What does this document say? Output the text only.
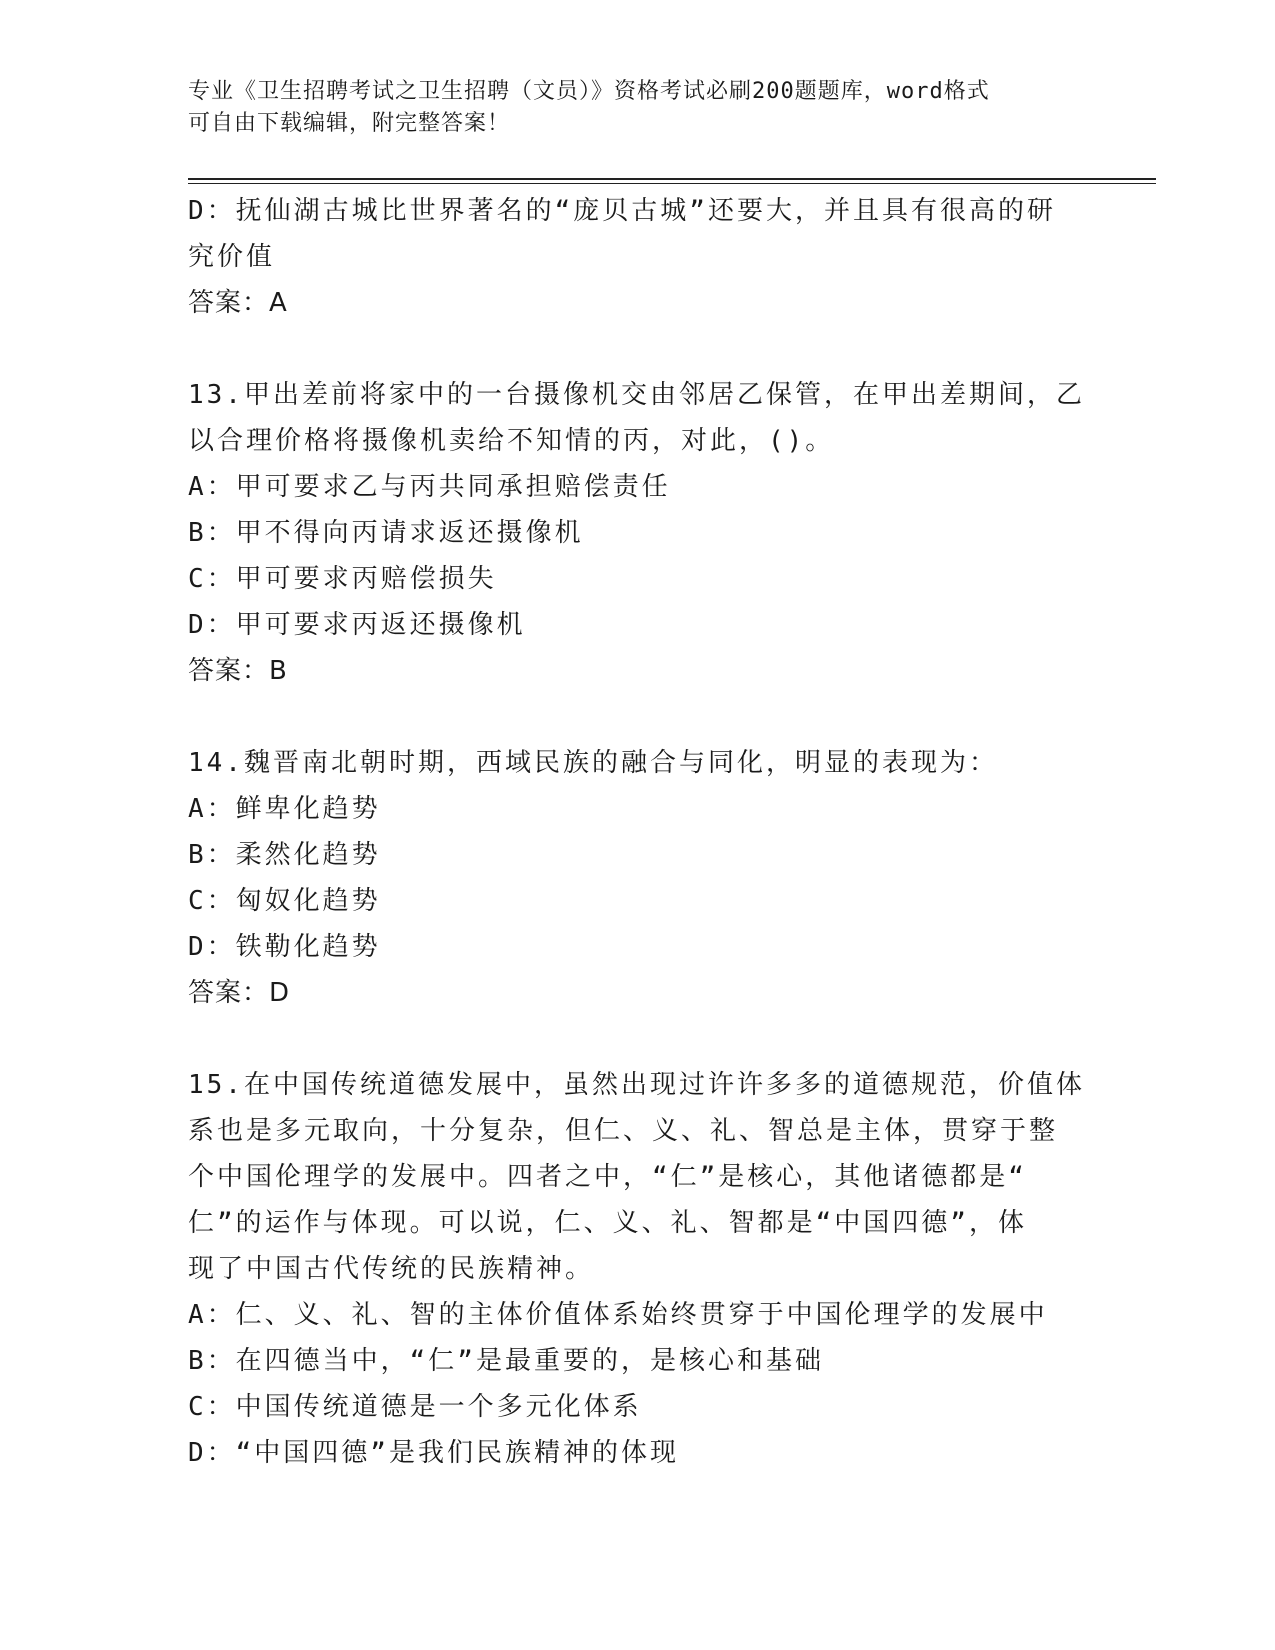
专业《卫生招聘考试之卫生招聘（文员）》资格考试必刷200题题库，word格式
可自由下载编辑，附完整答案！
D：抚仙湖古城比世界著名的“庞贝古城”还要大，并且具有很高的研
究价值

答案：A

13.甲出差前将家中的一台摄像机交由邻居乙保管，在甲出差期间，乙
以合理价格将摄像机卖给不知情的丙，对此，()。

A：甲可要求乙与丙共同承担赔偿责任

B：甲不得向丙请求返还摄像机

C：甲可要求丙赔偿损失

D：甲可要求丙返还摄像机

答案：B

14.魏晋南北朝时期，西域民族的融合与同化，明显的表现为：

A：鲜卑化趋势

B：柔然化趋势

C：匈奴化趋势

D：铁勒化趋势

答案：D

15.在中国传统道德发展中，虽然出现过许许多多的道德规范，价值体
系也是多元取向，十分复杂，但仁、义、礼、智总是主体，贯穿于整
个中国伦理学的发展中。四者之中，“仁”是核心，其他诸德都是“
仁”的运作与体现。可以说，仁、义、礼、智都是“中国四德”，体
现了中国古代传统的民族精神。

A：仁、义、礼、智的主体价值体系始终贯穿于中国伦理学的发展中

B：在四德当中，“仁”是最重要的，是核心和基础

C：中国传统道德是一个多元化体系

D：“中国四德”是我们民族精神的体现
